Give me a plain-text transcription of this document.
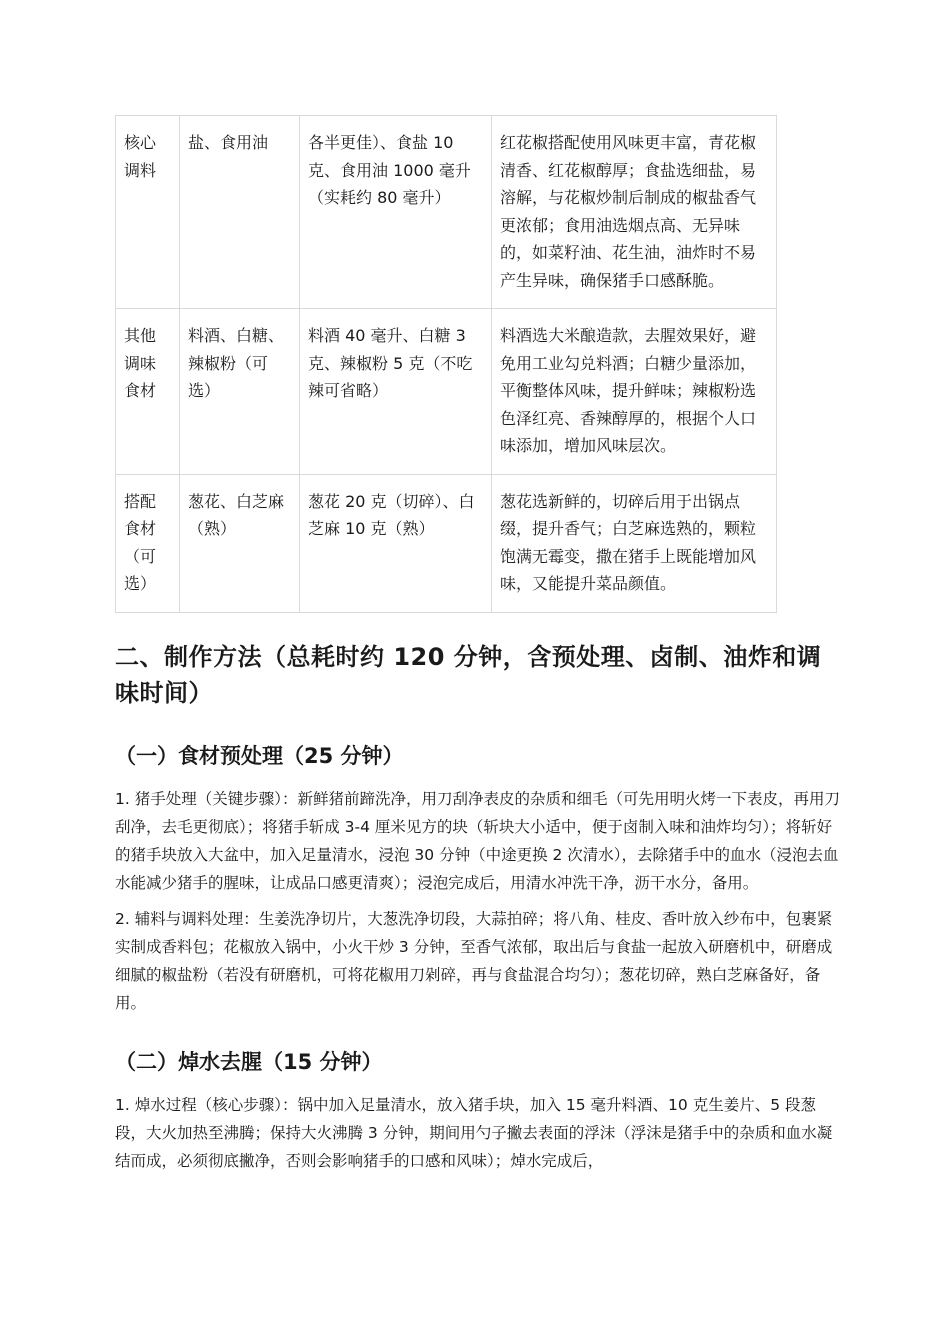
核心调料	盐、食用油	各半更佳）、食盐 10 克、食用油 1000 毫升（实耗约 80 毫升）	红花椒搭配使用风味更丰富，青花椒清香、红花椒醇厚；食盐选细盐，易溶解，与花椒炒制后制成的椒盐香气更浓郁；食用油选烟点高、无异味的，如菜籽油、花生油，油炸时不易产生异味，确保猪手口感酥脆。
其他调味食材	料酒、白糖、辣椒粉（可选）	料酒 40 毫升、白糖 3 克、辣椒粉 5 克（不吃辣可省略）	料酒选大米酿造款，去腥效果好，避免用工业勾兑料酒；白糖少量添加，平衡整体风味，提升鲜味；辣椒粉选色泽红亮、香辣醇厚的，根据个人口味添加，增加风味层次。
搭配食材（可选）	葱花、白芝麻（熟）	葱花 20 克（切碎）、白芝麻 10 克（熟）	葱花选新鲜的，切碎后用于出锅点缀，提升香气；白芝麻选熟的，颗粒饱满无霉变，撒在猪手上既能增加风味，又能提升菜品颜值。
二、制作方法（总耗时约 120 分钟，含预处理、卤制、油炸和调味时间）
（一）食材预处理（25 分钟）

1. 猪手处理（关键步骤）：新鲜猪前蹄洗净，用刀刮净表皮的杂质和细毛（可先用明火烤一下表皮，再用刀刮净，去毛更彻底）；将猪手斩成 3-4 厘米见方的块（斩块大小适中，便于卤制入味和油炸均匀）；将斩好的猪手块放入大盆中，加入足量清水，浸泡 30 分钟（中途更换 2 次清水），去除猪手中的血水（浸泡去血水能减少猪手的腥味，让成品口感更清爽）；浸泡完成后，用清水冲洗干净，沥干水分，备用。

2. 辅料与调料处理：生姜洗净切片，大葱洗净切段，大蒜拍碎；将八角、桂皮、香叶放入纱布中，包裹紧实制成香料包；花椒放入锅中，小火干炒 3 分钟，至香气浓郁，取出后与食盐一起放入研磨机中，研磨成细腻的椒盐粉（若没有研磨机，可将花椒用刀剁碎，再与食盐混合均匀）；葱花切碎，熟白芝麻备好，备用。

（二）焯水去腥（15 分钟）

1. 焯水过程（核心步骤）：锅中加入足量清水，放入猪手块，加入 15 毫升料酒、10 克生姜片、5 段葱段，大火加热至沸腾；保持大火沸腾 3 分钟，期间用勺子撇去表面的浮沫（浮沫是猪手中的杂质和血水凝结而成，必须彻底撇净，否则会影响猪手的口感和风味）；焯水完成后，
